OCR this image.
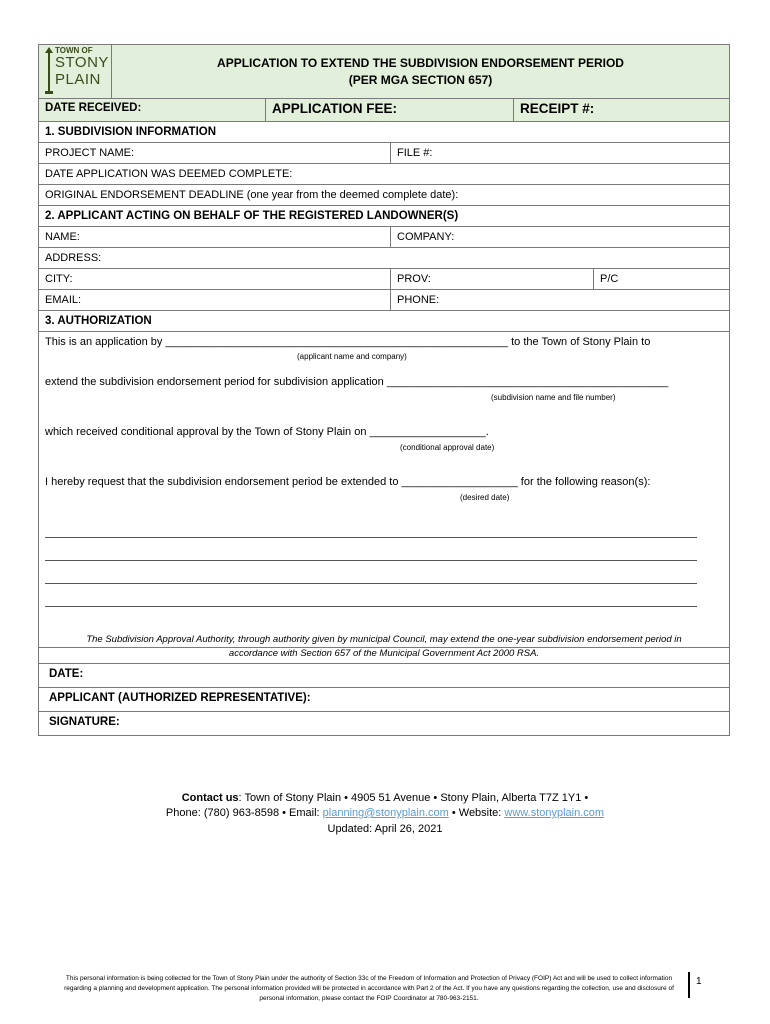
TOWN OF
STONY
PLAIN
APPLICATION TO EXTEND THE SUBDIVISION ENDORSEMENT PERIOD
(PER MGA SECTION 657)
DATE RECEIVED:	APPLICATION FEE:	RECEIPT #:
1. SUBDIVISION INFORMATION
PROJECT NAME:	FILE #:
DATE APPLICATION WAS DEEMED COMPLETE:
ORIGINAL ENDORSEMENT DEADLINE (one year from the deemed complete date):
2. APPLICANT ACTING ON BEHALF OF THE REGISTERED LANDOWNER(S)
NAME:	COMPANY:
ADDRESS:
CITY:	PROV:	P/C
EMAIL:	PHONE:
3. AUTHORIZATION
This is an application by ________________________________________________________ to the Town of Stony Plain to
(applicant name and company)
extend the subdivision endorsement period for subdivision application ______________________________________________
(subdivision name and file number)
which received conditional approval by the Town of Stony Plain on ___________________.
(conditional approval date)
I hereby request that the subdivision endorsement period be extended to ___________________ for the following reason(s):
(desired date)
The Subdivision Approval Authority, through authority given by municipal Council, may extend the one-year subdivision endorsement period in
accordance with Section 657 of the Municipal Government Act 2000 RSA.
DATE:
APPLICANT (AUTHORIZED REPRESENTATIVE):
SIGNATURE:
Contact us: Town of Stony Plain • 4905 51 Avenue • Stony Plain, Alberta T7Z 1Y1 •
Phone: (780) 963-8598 • Email: planning@stonyplain.com • Website: www.stonyplain.com
Updated: April 26, 2021
This personal information is being collected for the Town of Stony Plain under the authority of Section 33c of the Freedom of Information and Protection of Privacy (FOIP) Act and will be used to collect information regarding a planning and development application. The personal information provided will be protected in accordance with Part 2 of the Act. If you have any questions regarding the collection, use and disclosure of personal information, please contact the FOIP Coordinator at 780-963-2151.
1
